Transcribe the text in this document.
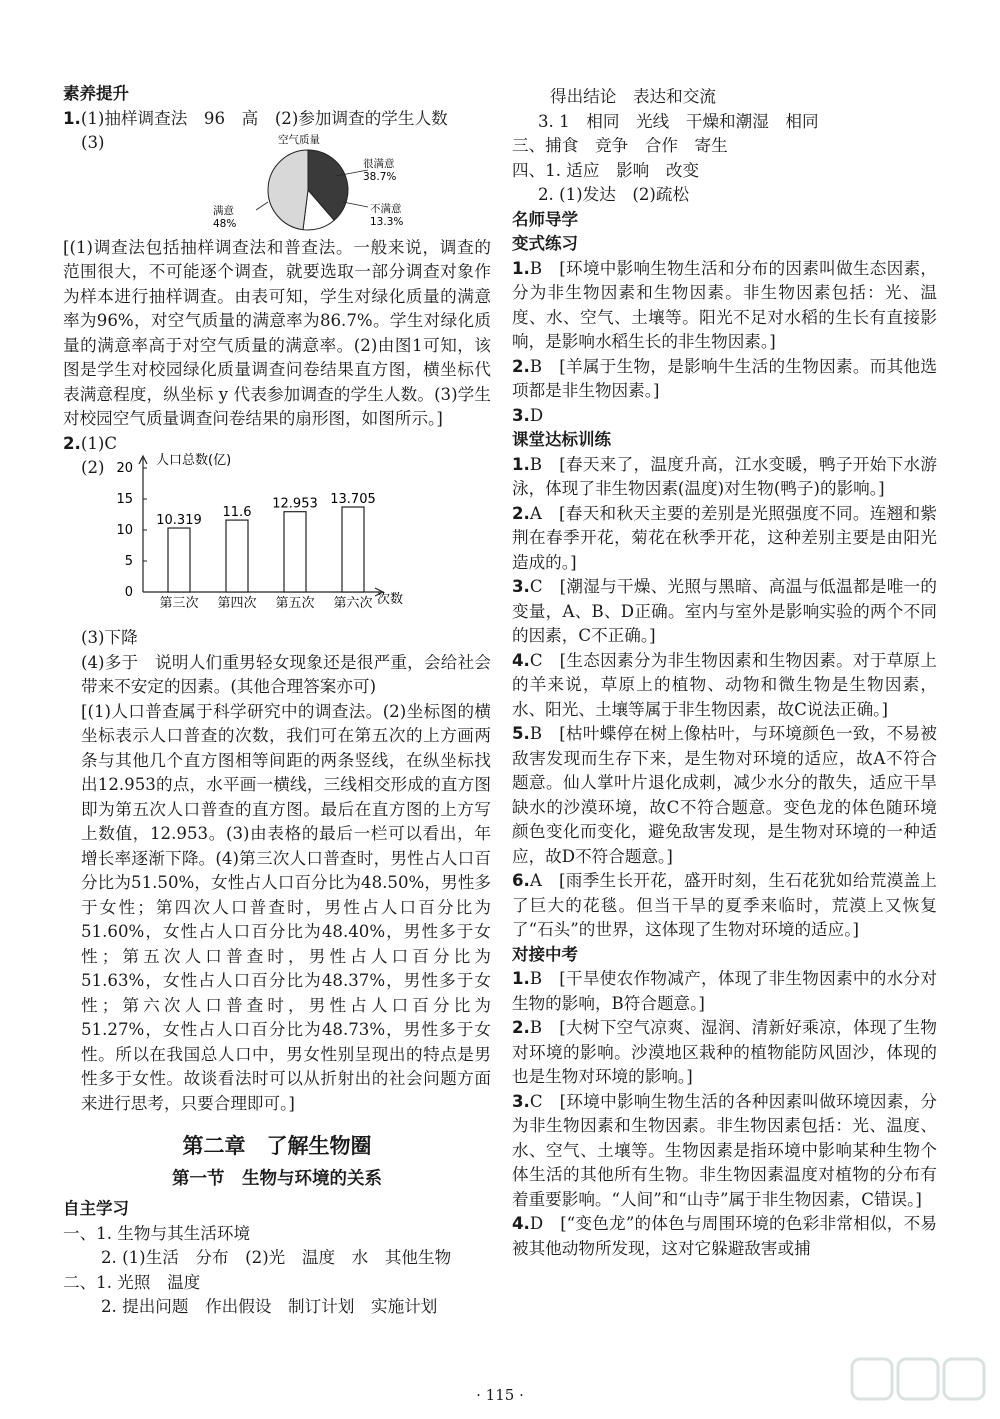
素养提升
1.(1)抽样调查法　96　高　(2)参加调查的学生人数
(3)	空气质量
很满意
38.7%
不满意
13.3%
满意
48%
[(1)调查法包括抽样调查法和普查法。一般来说，调查的范围很大，不可能逐个调查，就要选取一部分调查对象作为样本进行抽样调查。由表可知，学生对绿化质量的满意率为96%，对空气质量的满意率为86.7%。学生对绿化质量的满意率高于对空气质量的满意率。(2)由图1可知，该图是学生对校园绿化质量调查问卷结果直方图，横坐标代表满意程度，纵坐标 y 代表参加调查的学生人数。(3)学生对校园空气质量调查问卷结果的扇形图，如图所示。]
2.(1)C
(2)
0
5
10
15
20
10.319
第三次
11.6
第四次
12.953
第五次
13.705
第六次
人口总数(亿)
次数
(3)下降
(4)多于　说明人们重男轻女现象还是很严重，会给社会带来不安定的因素。(其他合理答案亦可)
[(1)人口普查属于科学研究中的调查法。(2)坐标图的横坐标表示人口普查的次数，我们可在第五次的上方画两条与其他几个直方图相等间距的两条竖线，在纵坐标找出12.953的点，水平画一横线，三线相交形成的直方图即为第五次人口普查的直方图。最后在直方图的上方写上数值，12.953。(3)由表格的最后一栏可以看出，年增长率逐渐下降。(4)第三次人口普查时，男性占人口百分比为51.50%，女性占人口百分比为48.50%，男性多于女性；第四次人口普查时，男性占人口百分比为51.60%，女性占人口百分比为48.40%，男性多于女性；第五次人口普查时，男性占人口百分比为51.63%，女性占人口百分比为48.37%，男性多于女性；第六次人口普查时，男性占人口百分比为51.27%，女性占人口百分比为48.73%，男性多于女性。所以在我国总人口中，男女性别呈现出的特点是男性多于女性。故谈看法时可以从折射出的社会问题方面来进行思考，只要合理即可。]
第二章　了解生物圈
第一节　生物与环境的关系
自主学习
一、1. 生物与其生活环境
2. (1)生活　分布　(2)光　温度　水　其他生物
二、1. 光照　温度
2. 提出问题　作出假设　制订计划　实施计划
得出结论　表达和交流
3. 1　相同　光线　干燥和潮湿　相同
三、捕食　竞争　合作　寄生
四、1. 适应　影响　改变
2. (1)发达　(2)疏松
名师导学
变式练习
1.B　[环境中影响生物生活和分布的因素叫做生态因素，分为非生物因素和生物因素。非生物因素包括：光、温度、水、空气、土壤等。阳光不足对水稻的生长有直接影响，是影响水稻生长的非生物因素。]
2.B　[羊属于生物，是影响牛生活的生物因素。而其他选项都是非生物因素。]
3.D
课堂达标训练
1.B　[春天来了，温度升高，江水变暖，鸭子开始下水游泳，体现了非生物因素(温度)对生物(鸭子)的影响。]
2.A　[春天和秋天主要的差别是光照强度不同。连翘和紫荆在春季开花，菊花在秋季开花，这种差别主要是由阳光造成的。]
3.C　[潮湿与干燥、光照与黑暗、高温与低温都是唯一的变量，A、B、D正确。室内与室外是影响实验的两个不同的因素，C不正确。]
4.C　[生态因素分为非生物因素和生物因素。对于草原上的羊来说，草原上的植物、动物和微生物是生物因素，水、阳光、土壤等属于非生物因素，故C说法正确。]
5.B　[枯叶蝶停在树上像枯叶，与环境颜色一致，不易被敌害发现而生存下来，是生物对环境的适应，故A不符合题意。仙人掌叶片退化成刺，减少水分的散失，适应干旱缺水的沙漠环境，故C不符合题意。变色龙的体色随环境颜色变化而变化，避免敌害发现，是生物对环境的一种适应，故D不符合题意。]
6.A　[雨季生长开花，盛开时刻，生石花犹如给荒漠盖上了巨大的花毯。但当干旱的夏季来临时，荒漠上又恢复了“石头”的世界，这体现了生物对环境的适应。]
对接中考
1.B　[干旱使农作物减产，体现了非生物因素中的水分对生物的影响，B符合题意。]
2.B　[大树下空气凉爽、湿润、清新好乘凉，体现了生物对环境的影响。沙漠地区栽种的植物能防风固沙，体现的也是生物对环境的影响。]
3.C　[环境中影响生物生活的各种因素叫做环境因素，分为非生物因素和生物因素。非生物因素包括：光、温度、水、空气、土壤等。生物因素是指环境中影响某种生物个体生活的其他所有生物。非生物因素温度对植物的分布有着重要影响。“人间”和“山寺”属于非生物因素，C错误。]
4.D　[“变色龙”的体色与周围环境的色彩非常相似，不易被其他动物所发现，这对它躲避敌害或捕
· 115 ·
